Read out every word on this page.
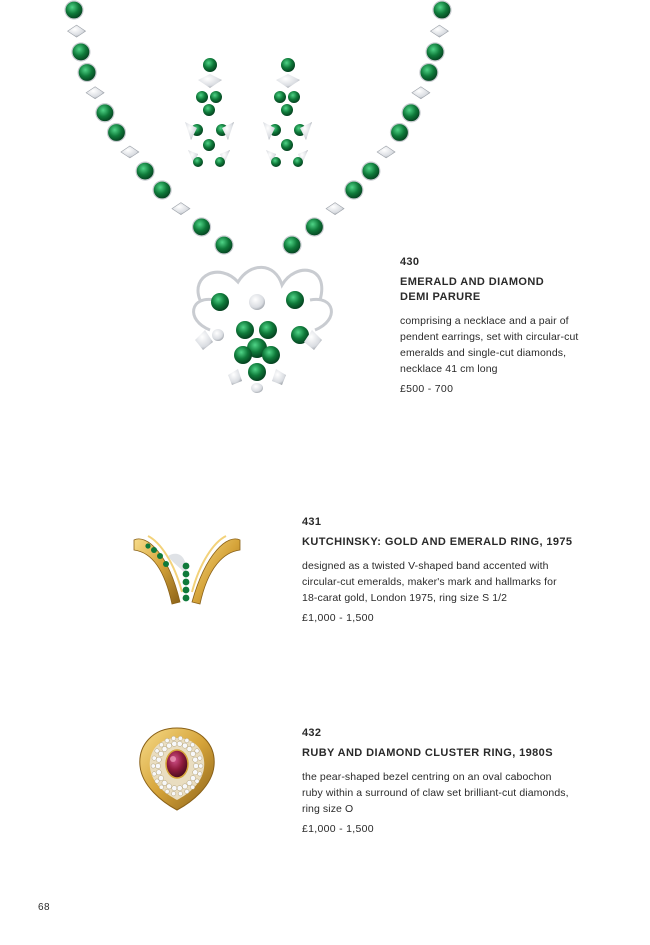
430
EMERALD AND DIAMOND
DEMI PARURE
comprising a necklace and a pair of
pendent earrings, set with circular-cut
emeralds and single-cut diamonds,
necklace 41 cm long
£500 - 700
431
KUTCHINSKY: GOLD AND EMERALD RING, 1975
designed as a twisted V-shaped band accented with
circular-cut emeralds, maker's mark and hallmarks for
18-carat gold, London 1975, ring size S 1/2
£1,000 - 1,500
432
RUBY AND DIAMOND CLUSTER RING, 1980S
the pear-shaped bezel centring on an oval cabochon
ruby within a surround of claw set brilliant-cut diamonds,
ring size O
£1,000 - 1,500
68
